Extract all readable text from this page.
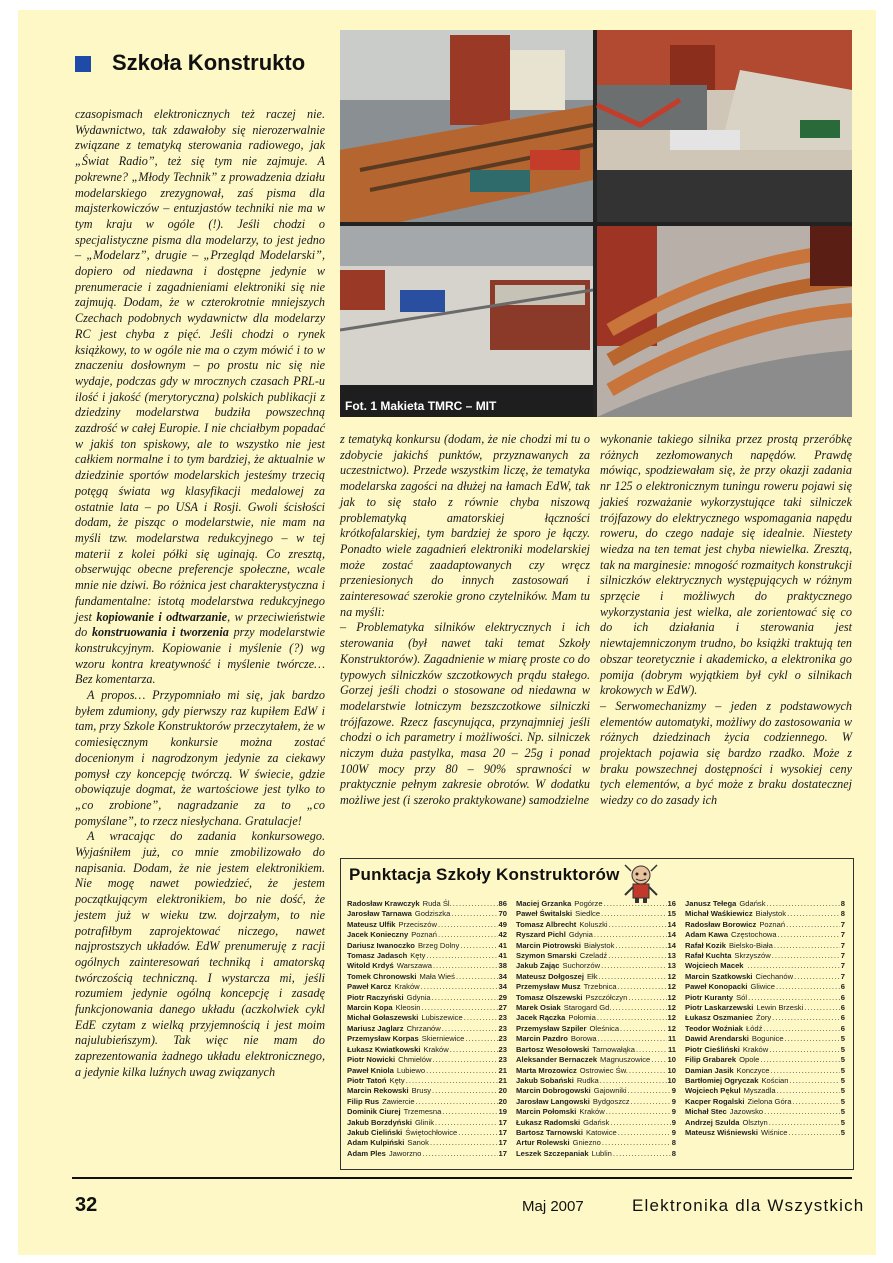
Szkoła Konstrukto
Fot. 1 Makieta TMRC – MIT

czasopismach elektronicznych też raczej nie. Wydawnictwo, tak zdawałoby się nierozerwalnie związane z tematyką sterowania radiowego, jak „Świat Radio”, też się tym nie zajmuje. A pokrewne? „Młody Technik” z prowadzenia działu modelarskiego zrezygnował, zaś pisma dla majsterkowiczów – entuzjastów techniki nie ma w tym kraju w ogóle (!). Jeśli chodzi o specjalistyczne pisma dla modelarzy, to jest jedno – „Modelarz”, drugie – „Przegląd Modelarski”, dopiero od niedawna i dostępne jedynie w prenumeracie i zagadnieniami elektroniki się nie zajmują. Dodam, że w czterokrotnie mniejszych Czechach podobnych wydawnictw dla modelarzy RC jest chyba z pięć. Jeśli chodzi o rynek książkowy, to w ogóle nie ma o czym mówić i to w znaczeniu dosłownym – po prostu nic się nie wydaje, podczas gdy w mrocznych czasach PRL-u ilość i jakość (merytoryczna) polskich publikacji z dziedziny modelarstwa budziła powszechną zazdrość w całej Europie. I nie chciałbym popadać w jakiś ton spiskowy, ale to wszystko nie jest całkiem normalne i to tym bardziej, że aktualnie w dziedzinie sportów modelarskich jesteśmy trzecią potęgą świata wg klasyfikacji medalowej za ostatnie lata – po USA i Rosji. Gwoli ścisłości dodam, że pisząc o modelarstwie, nie mam na myśli tzw. modelarstwa redukcyjnego – w tej materii z kolei półki się uginają. Co zresztą, obserwując obecne preferencje społeczne, wcale mnie nie dziwi. Bo różnica jest charakterystyczna i fundamentalne: istotą modelarstwa redukcyjnego jest kopiowanie i odtwarzanie, w przeciwieństwie do konstruowania i tworzenia przy modelarstwie konstrukcyjnym. Kopiowanie i myślenie (?) wg wzoru kontra kreatywność i myślenie twórcze… Bez komentarza.

A propos… Przypomniało mi się, jak bardzo byłem zdumiony, gdy pierwszy raz kupiłem EdW i tam, przy Szkole Konstruktorów przeczytałem, że w comiesięcznym konkursie można zostać docenionym i nagrodzonym jedynie za ciekawy pomysł czy koncepcję twórczą. W świecie, gdzie obowiązuje dogmat, że wartościowe jest tylko to „co zrobione”, nagradzanie za to „co pomyślane”, to rzecz niesłychana. Gratulacje!

A wracając do zadania konkursowego. Wyjaśniłem już, co mnie zmobilizowało do napisania. Dodam, że nie jestem elektronikiem. Nie mogę nawet powiedzieć, że jestem początkującym elektronikiem, bo nie dość, że jestem już w wieku tzw. dojrzałym, to nie potrafiłbym zaprojektować niczego, nawet najprostszych układów. EdW prenumeruję z racji ogólnych zainteresowań techniką i amatorską twórczością techniczną. I wystarcza mi, jeśli rozumiem jedynie ogólną koncepcję i zasadę funkcjonowania danego układu (aczkolwiek cykl EdE czytam z wielką przyjemnością i jest moim najulubieńszym). Tak więc nie mam do zaprezentowania żadnego układu elektronicznego, a jedynie kilka luźnych uwag związanych

z tematyką konkursu (dodam, że nie chodzi mi tu o zdobycie jakichś punktów, przyznawanych za uczestnictwo). Przede wszystkim liczę, że tematyka modelarska zagości na dłużej na łamach EdW, tak jak to się stało z równie chyba niszową problematyką amatorskiej łączności krótkofalarskiej, tym bardziej że sporo je łączy. Ponadto wiele zagadnień elektroniki modelarskiej może zostać zaadaptowanych czy wręcz przeniesionych do innych zastosowań i zainteresować szerokie grono czytelników. Mam tu na myśli:

– Problematyka silników elektrycznych i ich sterowania (był nawet taki temat Szkoły Konstruktorów). Zagadnienie w miarę proste co do typowych silniczków szczotkowych prądu stałego. Gorzej jeśli chodzi o stosowane od niedawna w modelarstwie lotniczym bezszczotkowe silniczki trójfazowe. Rzecz fascynująca, przynajmniej jeśli chodzi o ich parametry i możliwości. Np. silniczek niczym duża pastylka, masa 20 – 25g i ponad 100W mocy przy 80 – 90% sprawności w praktycznie pełnym zakresie obrotów. W dodatku możliwe jest (i szeroko praktykowane) samodzielne

wykonanie takiego silnika przez prostą przeróbkę różnych zezłomowanych napędów. Prawdę mówiąc, spodziewałam się, że przy okazji zadania nr 125 o elektronicznym tuningu roweru pojawi się jakieś rozważanie wykorzystujące taki silniczek trójfazowy do elektrycznego wspomagania napędu roweru, do czego nadaje się idealnie. Niestety wiedza na ten temat jest chyba niewielka. Zresztą, tak na marginesie: mnogość rozmaitych konstrukcji silniczków elektrycznych występujących w różnym sprzęcie i możliwych do praktycznego wykorzystania jest wielka, ale zorientować się co do ich działania i sterowania jest niewtajemniczonym trudno, bo książki traktują ten obszar teoretycznie i akademicko, a elektronika go pomija (dobrym wyjątkiem był cykl o silnikach krokowych w EdW).

– Serwomechanizmy – jeden z podstawowych elementów automatyki, możliwy do zastosowania w różnych dziedzinach życia codziennego. W projektach pojawia się bardzo rzadko. Może z braku powszechnej dostępności i wysokiej ceny tych elementów, a być może z braku dostatecznej wiedzy co do zasady ich

Punktacja Szkoły Konstruktorów
Radosław Krawczyk Ruda Śl. .....	86
Jarosław Tarnawa Godziszka .....	70
Mateusz Ulfik Przeciszów .....	49
Jacek Konieczny Poznań .....	42
Dariusz Iwanoczko Brzeg Dolny .....	41
Tomasz Jadasch Kęty .....	41
Witold Krdyś Warszawa .....	38
Tomek Chronowski Mała Wieś .....	34
Paweł Karcz Kraków .....	34
Piotr Raczyński Gdynia .....	29
Marcin Kopa Kleosin .....	27
Michał Gołaszewski Lubiszewice .....	23
Mariusz Jaglarz Chrzanów .....	23
Przemysław Korpas Skierniewice .....	23
Łukasz Kwiatkowski Kraków .....	23
Piotr Nowicki Chmielów .....	23
Paweł Kniola Lubiewo .....	21
Piotr Tatoń Kęty .....	21
Marcin Rekowski Brusy .....	20
Filip Rus Zawiercie .....	20
Dominik Ciurej Trzemesna .....	19
Jakub Borzdyński Glinik .....	17
Jakub Cieliński Świętochłowice .....	17
Adam Kulpiński Sanok .....	17
Adam Ples Jaworzno .....	17
Maciej Grzanka Pogórze .....	16
Paweł Świtalski Siedlce .....	15
Tomasz Albrecht Koluszki .....	14
Ryszard Pichl Gdynia .....	14
Marcin Piotrowski Białystok .....	14
Szymon Smarski Czeladź .....	13
Jakub Zając Suchorzów .....	13
Mateusz Dołgoszej Ełk .....	12
Przemysław Musz Trzebnica .....	12
Tomasz Olszewski Pszczółczyn .....	12
Marek Osiak Starogard Gd. .....	12
Jacek Rączka Połomia .....	12
Przemysław Szpiler Oleśnica .....	12
Marcin Pazdro Borowa .....	11
Bartosz Wesołowski Tarnowałąka .....	11
Aleksander Bernaczek Magnuszowice ..... 10
Marta Mrozowicz Ostrowiec Św. .....	10
Jakub Sobański Rudka .....	10
Marcin Dobrogowski Gajowniki .....	9
Jarosław Langowski Bydgoszcz .....	9
Marcin Połomski Kraków .....	9
Łukasz Radomski Gdańsk .....	9
Bartosz Tarnowski Katowice .....	9
Artur Rolewski Gniezno .....	8
Leszek Szczepaniak Lublin .....	8
Janusz Tełega Gdańsk .....	8
Michał Waśkiewicz Białystok .....	8
Radosław Borowicz Poznań .....	7
Adam Kawa Częstochowa .....	7
Rafał Kozik Bielsko-Biała .....	7
Rafał Kuchta Skrzyszów .....	7
Wojciech Macek .....	7
Marcin Szatkowski Ciechanów .....	7
Paweł Konopacki Gliwice .....	6
Piotr Kuranty Sól .....	6
Piotr Laskarzewski Lewin Brzeski .....	6
Łukasz Oszmaniec Żory .....	6
Teodor Woźniak Łódź .....	6
Dawid Arendarski Bogunice .....	5
Piotr Cieśliński Kraków .....	5
Filip Grabarek Opole .....	5
Damian Jasik Konczyce .....	5
Bartłomiej Ogryczak Kościan .....	5
Wojciech Pękul Myszadla .....	5
Kacper Rogalski Zielona Góra .....	5
Michał Stec Jazowsko .....	5
Andrzej Szulda Olsztyn .....	5
Mateusz Wiśniewski Wiśnice .....	5
32	Maj 2007	Elektronika dla Wszystkich
